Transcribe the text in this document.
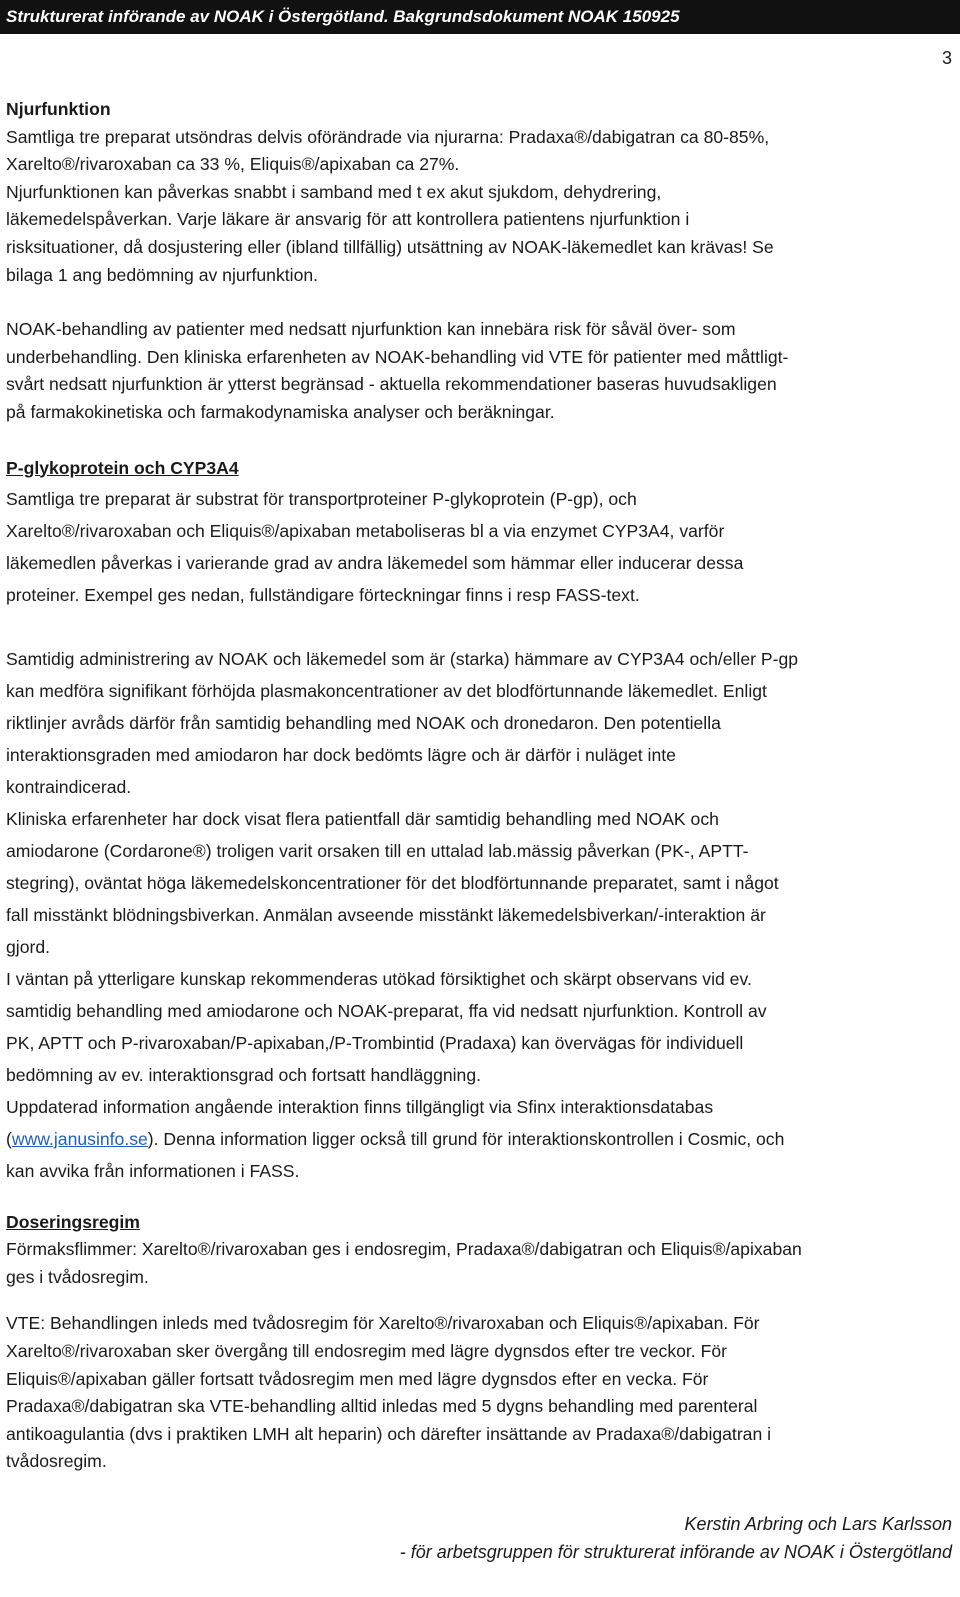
Strukturerat införande av NOAK i Östergötland. Bakgrundsdokument NOAK 150925
3
Njurfunktion
Samtliga tre preparat utsöndras delvis oförändrade via njurarna: Pradaxa®/dabigatran ca 80-85%,
Xarelto®/rivaroxaban ca 33 %, Eliquis®/apixaban ca 27%.
Njurfunktionen kan påverkas snabbt i samband med t ex akut sjukdom, dehydrering,
läkemedelspåverkan. Varje läkare är ansvarig för att kontrollera patientens njurfunktion i
risksituationer, då dosjustering eller (ibland tillfällig) utsättning av NOAK-läkemedlet kan krävas! Se
bilaga 1 ang bedömning av njurfunktion.
NOAK-behandling av patienter med nedsatt njurfunktion kan innebära risk för såväl över- som
underbehandling. Den kliniska erfarenheten av NOAK-behandling vid VTE för patienter med måttligt-
svårt nedsatt njurfunktion är ytterst begränsad - aktuella rekommendationer baseras huvudsakligen
på farmakokinetiska och farmakodynamiska analyser och beräkningar.
P-glykoprotein och CYP3A4
Samtliga tre preparat är substrat för transportproteiner P-glykoprotein (P-gp), och
Xarelto®/rivaroxaban och Eliquis®/apixaban metaboliseras bl a via enzymet CYP3A4, varför
läkemedlen påverkas i varierande grad av andra läkemedel som hämmar eller inducerar dessa
proteiner. Exempel ges nedan, fullständigare förteckningar finns i resp FASS-text.
Samtidig administrering av NOAK och läkemedel som är (starka) hämmare av CYP3A4 och/eller P-gp
kan medföra signifikant förhöjda plasmakoncentrationer av det blodförtunnande läkemedlet. Enligt
riktlinjer avråds därför från samtidig behandling med NOAK och dronedaron. Den potentiella
interaktionsgraden med amiodaron har dock bedömts lägre och är därför i nuläget inte
kontraindicerad.
Kliniska erfarenheter har dock visat flera patientfall där samtidig behandling med NOAK och
amiodarone (Cordarone®) troligen varit orsaken till en uttalad lab.mässig påverkan (PK-, APTT-
stegring), oväntat höga läkemedelskoncentrationer för det blodförtunnande preparatet, samt i något
fall misstänkt blödningsbiverkan. Anmälan avseende misstänkt läkemedelsbiverkan/-interaktion är
gjord.
I väntan på ytterligare kunskap rekommenderas utökad försiktighet och skärpt observans vid ev.
samtidig behandling med amiodarone och NOAK-preparat, ffa vid nedsatt njurfunktion. Kontroll av
PK, APTT och P-rivaroxaban/P-apixaban,/P-Trombintid (Pradaxa) kan övervägas för individuell
bedömning av ev. interaktionsgrad och fortsatt handläggning.
Uppdaterad information angående interaktion finns tillgängligt via Sfinx interaktionsdatabas
(www.janusinfo.se). Denna information ligger också till grund för interaktionskontrollen i Cosmic, och
kan avvika från informationen i FASS.
Doseringsregim
Förmaksflimmer: Xarelto®/rivaroxaban ges i endosregim, Pradaxa®/dabigatran och Eliquis®/apixaban
ges i tvådosregim.
VTE: Behandlingen inleds med tvådosregim för Xarelto®/rivaroxaban och Eliquis®/apixaban. För
Xarelto®/rivaroxaban sker övergång till endosregim med lägre dygnsdos efter tre veckor. För
Eliquis®/apixaban gäller fortsatt tvådosregim men med lägre dygnsdos efter en vecka. För
Pradaxa®/dabigatran ska VTE-behandling alltid inledas med 5 dygns behandling med parenteral
antikoagulantia (dvs i praktiken LMH alt heparin) och därefter insättande av Pradaxa®/dabigatran i
tvådosregim.
Kerstin Arbring och Lars Karlsson
- för arbetsgruppen för strukturerat införande av NOAK i Östergötland
